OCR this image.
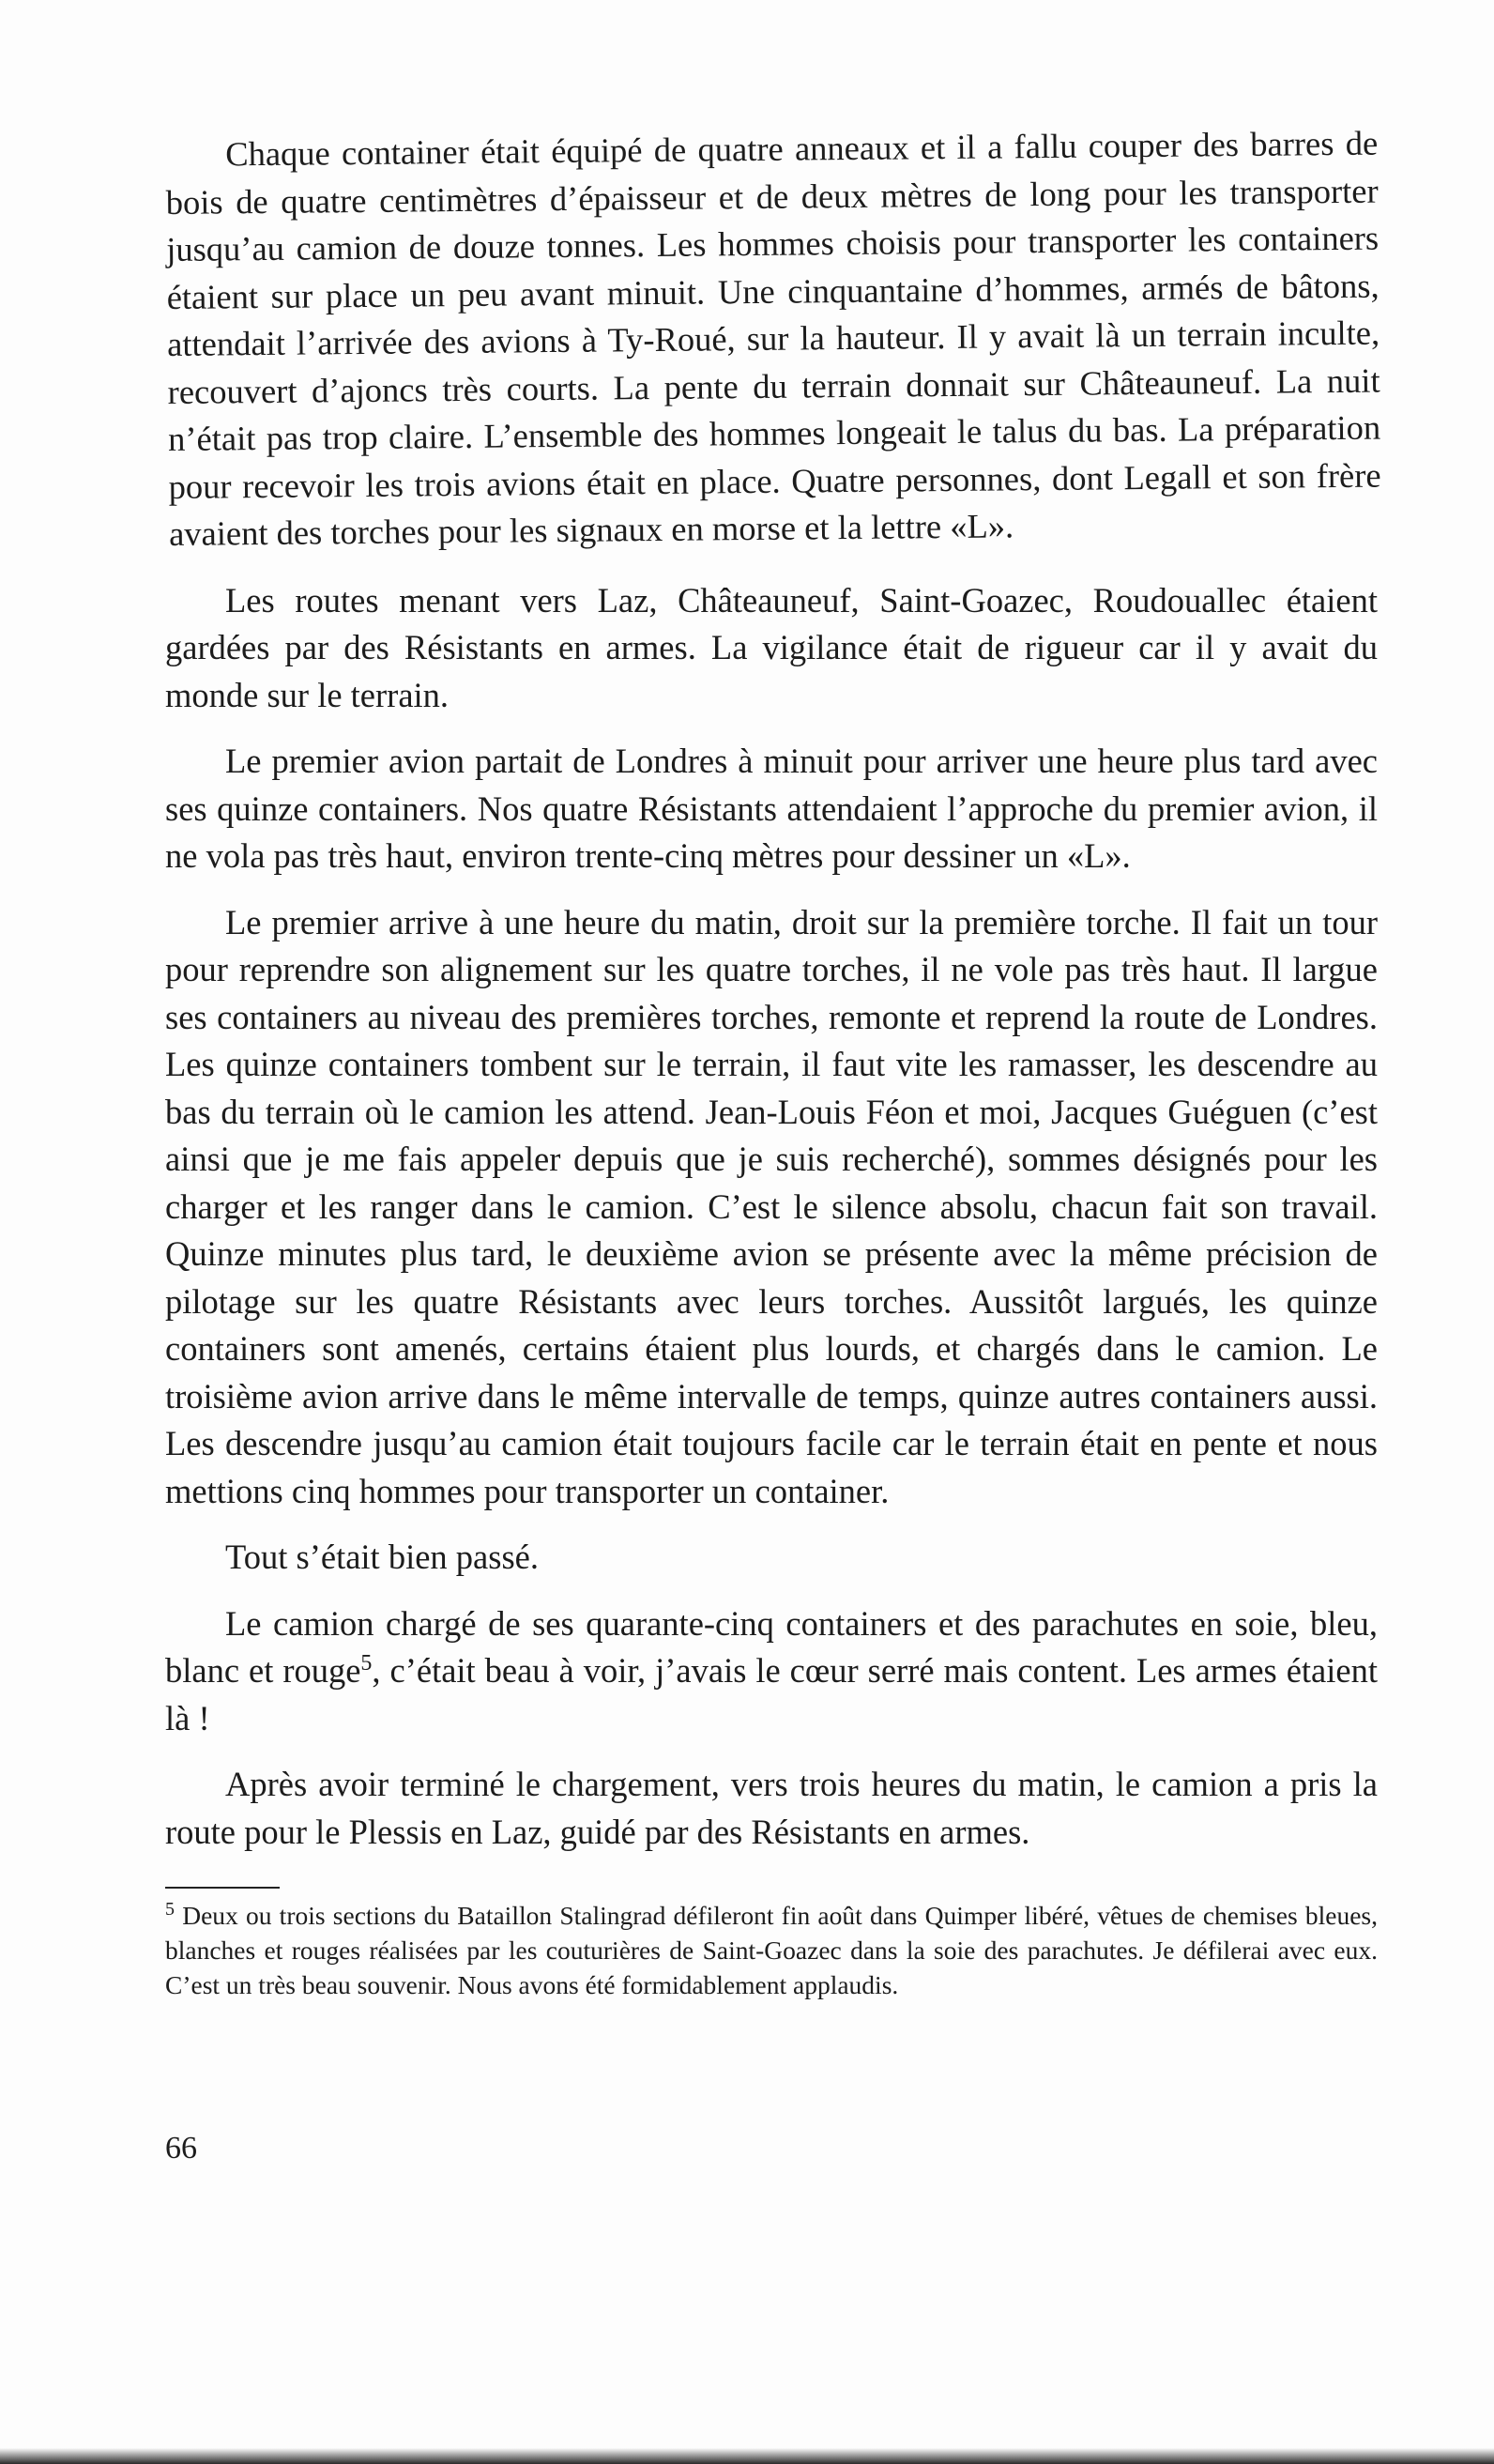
Chaque container était équipé de quatre anneaux et il a fallu couper des barres de bois de quatre centimètres d’épaisseur et de deux mètres de long pour les transporter jusqu’au camion de douze tonnes. Les hommes choisis pour transporter les containers étaient sur place un peu avant minuit. Une cinquantaine d’hommes, armés de bâtons, attendait l’arrivée des avions à Ty-Roué, sur la hauteur. Il y avait là un terrain inculte, recouvert d’ajoncs très courts. La pente du terrain donnait sur Châteauneuf. La nuit n’était pas trop claire. L’ensemble des hommes longeait le talus du bas. La préparation pour recevoir les trois avions était en place. Quatre personnes, dont Legall et son frère avaient des torches pour les signaux en morse et la lettre «L».

Les routes menant vers Laz, Châteauneuf, Saint-Goazec, Roudouallec étaient gardées par des Résistants en armes. La vigilance était de rigueur car il y avait du monde sur le terrain.

Le premier avion partait de Londres à minuit pour arriver une heure plus tard avec ses quinze containers. Nos quatre Résistants attendaient l’approche du premier avion, il ne vola pas très haut, environ trente-cinq mètres pour dessiner un «L».

Le premier arrive à une heure du matin, droit sur la première torche. Il fait un tour pour reprendre son alignement sur les quatre torches, il ne vole pas très haut. Il largue ses containers au niveau des premières torches, remonte et reprend la route de Londres. Les quinze containers tombent sur le terrain, il faut vite les ramasser, les descendre au bas du terrain où le camion les attend. Jean-Louis Féon et moi, Jacques Guéguen (c’est ainsi que je me fais appeler depuis que je suis recherché), sommes désignés pour les charger et les ranger dans le camion. C’est le silence absolu, chacun fait son travail. Quinze minutes plus tard, le deuxième avion se présente avec la même précision de pilotage sur les quatre Résistants avec leurs torches. Aussitôt largués, les quinze containers sont amenés, certains étaient plus lourds, et chargés dans le camion. Le troisième avion arrive dans le même intervalle de temps, quinze autres containers aussi. Les descendre jusqu’au camion était toujours facile car le terrain était en pente et nous mettions cinq hommes pour transporter un container.

Tout s’était bien passé.

Le camion chargé de ses quarante-cinq containers et des parachutes en soie, bleu, blanc et rouge$^5$, c’était beau à voir, j’avais le cœur serré mais content. Les armes étaient là !

Après avoir terminé le chargement, vers trois heures du matin, le camion a pris la route pour le Plessis en Laz, guidé par des Résistants en armes.

$^5$ Deux ou trois sections du Bataillon Stalingrad défileront fin août dans Quimper libéré, vêtues de chemises bleues, blanches et rouges réalisées par les couturières de Saint-Goazec dans la soie des parachutes. Je défilerai avec eux. C’est un très beau souvenir. Nous avons été formidablement applaudis.

66
